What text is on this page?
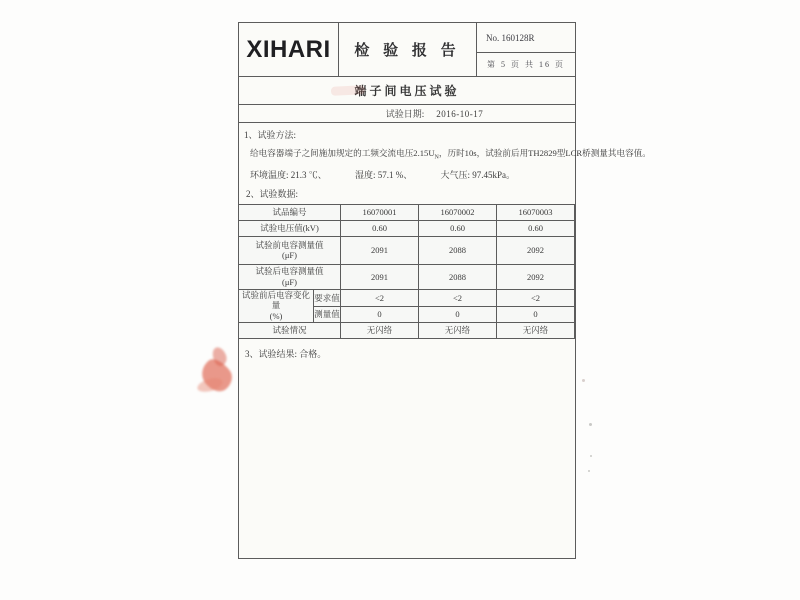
XIHARI 检 验 报 告
No. 160128R
第 5 页 共 16 页
端子间电压试验
试验日期: 2016-10-17
1、试验方法:
给电容器端子之间施加规定的工频交流电压$2.15U_N$，历时10s，试验前后用TH2829型LCR桥测量其电容值。
环境温度: 21.3 ℃、	湿度: 57.1 %、	大气压: 97.45kPa。
2、试验数据:
试品编号		16070001	16070002	16070003
试验电压值(kV)		0.60	0.60	0.60

试验前电容测量值
(μF)		2091	2088	2092

试验后电容测量值
(μF)		2091	2088	2092

试验前后电容变化量
(%)	要求值	<2	<2	<2
	测量值	0	0	0
试验情况		无闪络	无闪络	无闪络
3、试验结果: 合格。
